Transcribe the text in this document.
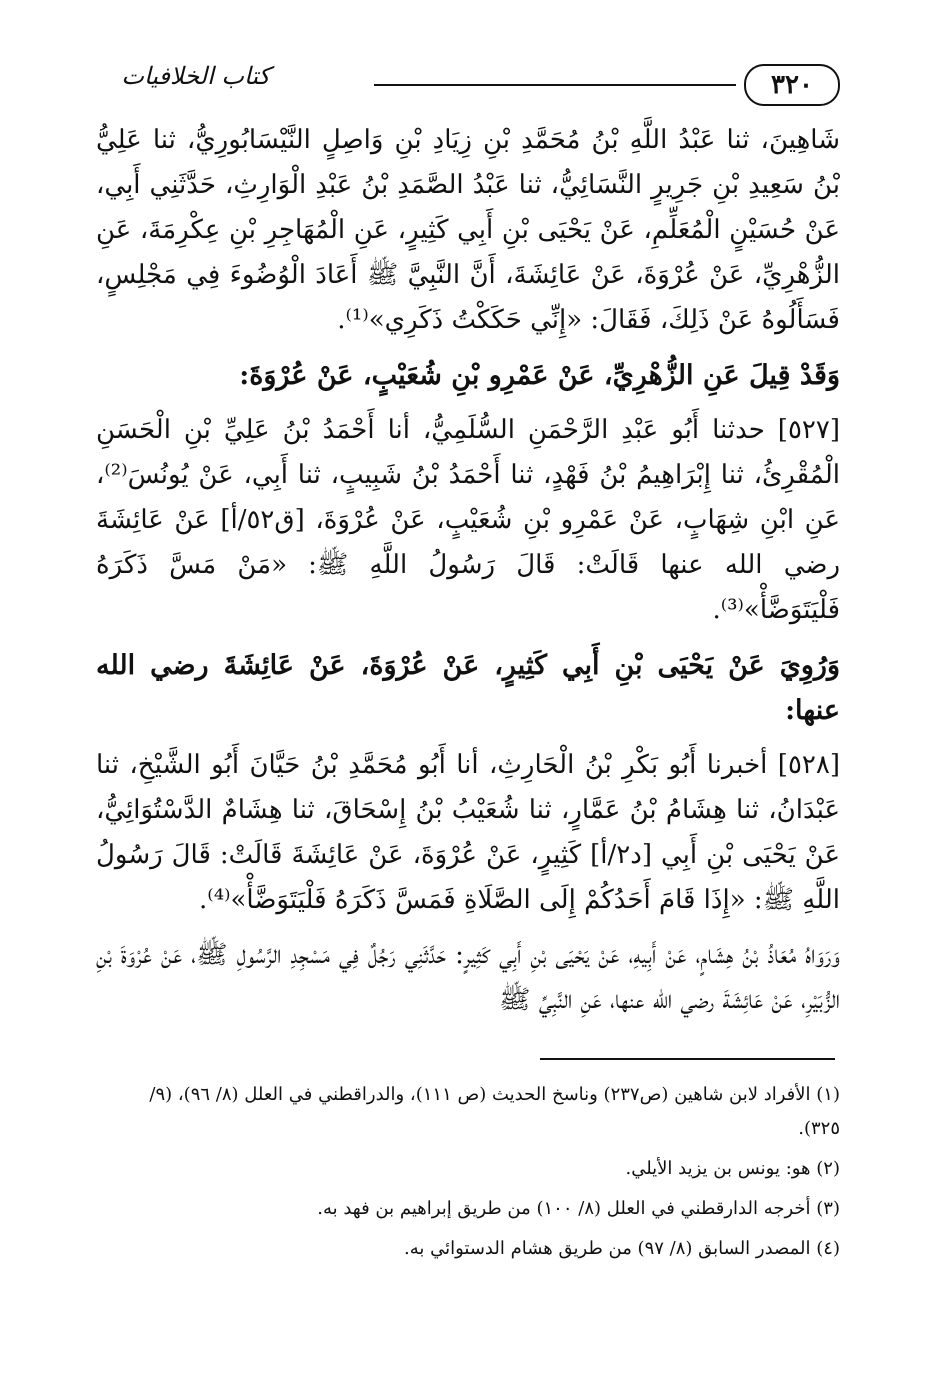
٣٢٠
كتاب الخلافيات

شَاهِينَ، ثنا عَبْدُ اللَّهِ بْنُ مُحَمَّدِ بْنِ زِيَادِ بْنِ وَاصِلٍ النَّيْسَابُورِيُّ، ثنا عَلِيُّ بْنُ سَعِيدِ بْنِ جَرِيرٍ النَّسَائِيُّ، ثنا عَبْدُ الصَّمَدِ بْنُ عَبْدِ الْوَارِثِ، حَدَّثَنِي أَبِي، عَنْ حُسَيْنٍ الْمُعَلِّمِ، عَنْ يَحْيَى بْنِ أَبِي كَثِيرٍ، عَنِ الْمُهَاجِرِ بْنِ عِكْرِمَةَ، عَنِ الزُّهْرِيِّ، عَنْ عُرْوَةَ، عَنْ عَائِشَةَ، أَنَّ النَّبِيَّ ﷺ أَعَادَ الْوُضُوءَ فِي مَجْلِسٍ، فَسَأَلُوهُ عَنْ ذَلِكَ، فَقَالَ: «إِنِّي حَكَكْتُ ذَكَرِي»⁽¹⁾.

وَقَدْ قِيلَ عَنِ الزُّهْرِيِّ، عَنْ عَمْرِو بْنِ شُعَيْبٍ، عَنْ عُرْوَةَ:

[٥٢٧] حدثنا أَبُو عَبْدِ الرَّحْمَنِ السُّلَمِيُّ، أنا أَحْمَدُ بْنُ عَلِيِّ بْنِ الْحَسَنِ الْمُقْرِئُ، ثنا إِبْرَاهِيمُ بْنُ فَهْدٍ، ثنا أَحْمَدُ بْنُ شَبِيبٍ، ثنا أَبِي، عَنْ يُونُسَ⁽²⁾، عَنِ ابْنِ شِهَابٍ، عَنْ عَمْرِو بْنِ شُعَيْبٍ، عَنْ عُرْوَةَ، [ق٥٢/أ] عَنْ عَائِشَةَ رضي الله عنها قَالَتْ: قَالَ رَسُولُ اللَّهِ ﷺ: «مَنْ مَسَّ ذَكَرَهُ فَلْيَتَوَضَّأْ»⁽³⁾.

وَرُوِيَ عَنْ يَحْيَى بْنِ أَبِي كَثِيرٍ، عَنْ عُرْوَةَ، عَنْ عَائِشَةَ رضي الله عنها:

[٥٢٨] أخبرنا أَبُو بَكْرِ بْنُ الْحَارِثِ، أنا أَبُو مُحَمَّدِ بْنُ حَيَّانَ أَبُو الشَّيْخِ، ثنا عَبْدَانُ، ثنا هِشَامُ بْنُ عَمَّارٍ، ثنا شُعَيْبُ بْنُ إِسْحَاقَ، ثنا هِشَامٌ الدَّسْتُوَائِيُّ، عَنْ يَحْيَى بْنِ أَبِي [د٢/أ] كَثِيرٍ، عَنْ عُرْوَةَ، عَنْ عَائِشَةَ قَالَتْ: قَالَ رَسُولُ اللَّهِ ﷺ: «إِذَا قَامَ أَحَدُكُمْ إِلَى الصَّلَاةِ فَمَسَّ ذَكَرَهُ فَلْيَتَوَضَّأْ»⁽⁴⁾.

وَرَوَاهُ مُعَاذُ بْنُ هِشَامٍ، عَنْ أَبِيهِ، عَنْ يَحْيَى بْنِ أَبِي كَثِيرٍ: حَدَّثَنِي رَجُلٌ فِي مَسْجِدِ الرَّسُولِ ﷺ، عَنْ عُرْوَةَ بْنِ الزُّبَيْرِ، عَنْ عَائِشَةَ رضي الله عنها، عَنِ النَّبِيِّ ﷺ

(١) الأفراد لابن شاهين (ص٢٣٧) وناسخ الحديث (ص ١١١)، والدراقطني في العلل (٨/ ٩٦)، (٩/ ٣٢٥).

(٢) هو: يونس بن يزيد الأيلي.

(٣) أخرجه الدارقطني في العلل (٨/ ١٠٠) من طريق إبراهيم بن فهد به.

(٤) المصدر السابق (٨/ ٩٧) من طريق هشام الدستوائي به.
